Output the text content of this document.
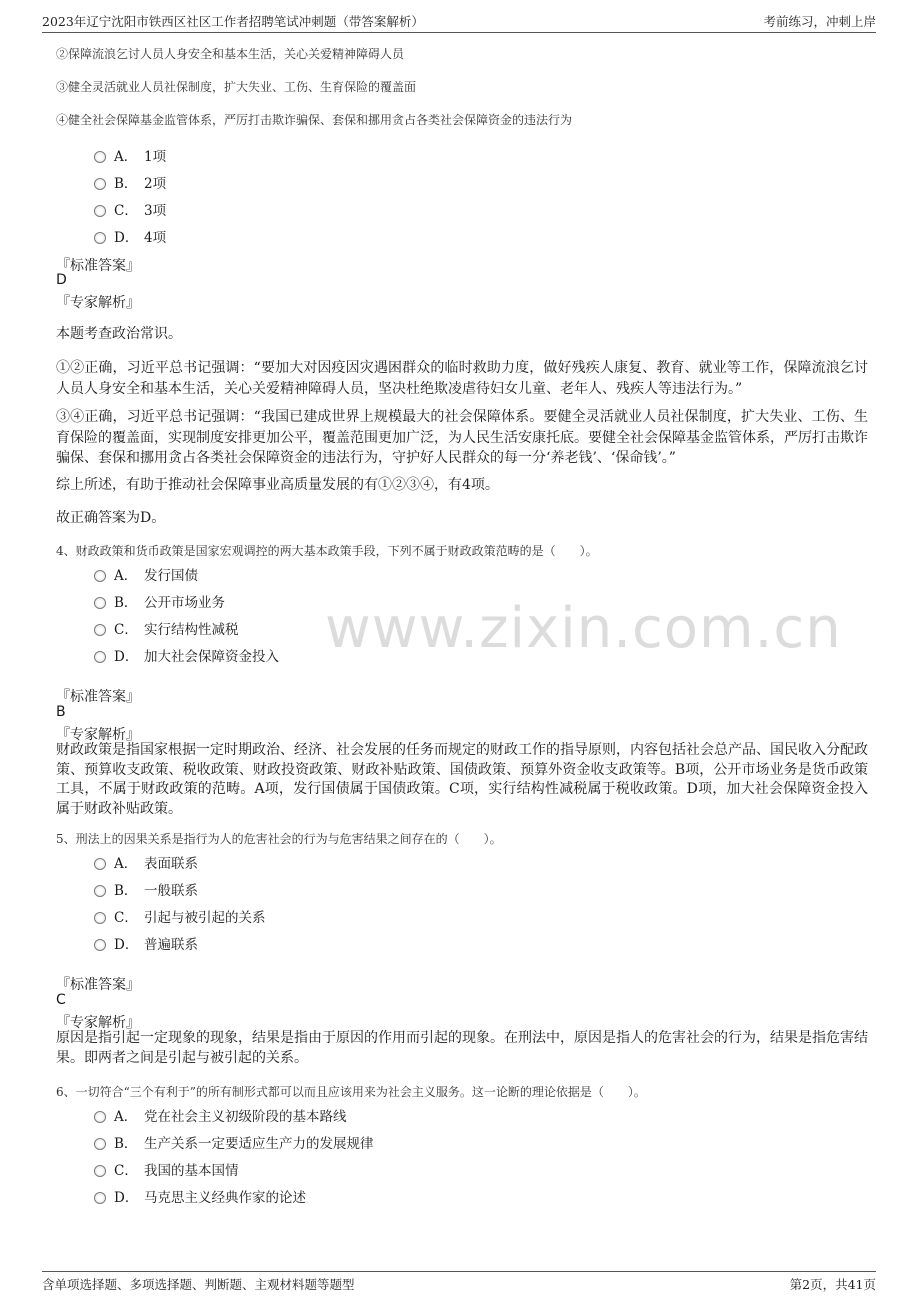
2023年辽宁沈阳市铁西区社区工作者招聘笔试冲刺题（带答案解析）	考前练习，冲刺上岸
www.zixin.com.cn
②保障流浪乞讨人员人身安全和基本生活，关心关爱精神障碍人员
③健全灵活就业人员社保制度，扩大失业、工伤、生育保险的覆盖面
④健全社会保障基金监管体系，严厉打击欺诈骗保、套保和挪用贪占各类社会保障资金的违法行为
A． 1项
B． 2项
C． 3项
D． 4项
『标准答案』
D
『专家解析』
本题考查政治常识。
①②正确，习近平总书记强调：“要加大对因疫因灾遇困群众的临时救助力度，做好残疾人康复、教育、就业等工作，保障流浪乞讨人员人身安全和基本生活，关心关爱精神障碍人员，坚决杜绝欺凌虐待妇女儿童、老年人、残疾人等违法行为。”
③④正确，习近平总书记强调：“我国已建成世界上规模最大的社会保障体系。要健全灵活就业人员社保制度，扩大失业、工伤、生育保险的覆盖面，实现制度安排更加公平，覆盖范围更加广泛，为人民生活安康托底。要健全社会保障基金监管体系，严厉打击欺诈骗保、套保和挪用贪占各类社会保障资金的违法行为，守护好人民群众的每一分‘养老钱’、‘保命钱’。”
综上所述，有助于推动社会保障事业高质量发展的有①②③④，有4项。
故正确答案为D。
4、财政政策和货币政策是国家宏观调控的两大基本政策手段，下列不属于财政政策范畴的是（　　）。
A． 发行国债
B． 公开市场业务
C． 实行结构性减税
D． 加大社会保障资金投入
『标准答案』
B
『专家解析』
财政政策是指国家根据一定时期政治、经济、社会发展的任务而规定的财政工作的指导原则，内容包括社会总产品、国民收入分配政策、预算收支政策、税收政策、财政投资政策、财政补贴政策、国债政策、预算外资金收支政策等。B项，公开市场业务是货币政策工具，不属于财政政策的范畴。A项，发行国债属于国债政策。C项，实行结构性减税属于税收政策。D项，加大社会保障资金投入属于财政补贴政策。
5、刑法上的因果关系是指行为人的危害社会的行为与危害结果之间存在的（　　）。
A． 表面联系
B． 一般联系
C． 引起与被引起的关系
D． 普遍联系
『标准答案』
C
『专家解析』
原因是指引起一定现象的现象，结果是指由于原因的作用而引起的现象。在刑法中，原因是指人的危害社会的行为，结果是指危害结果。即两者之间是引起与被引起的关系。
6、一切符合“三个有利于”的所有制形式都可以而且应该用来为社会主义服务。这一论断的理论依据是（　　）。
A． 党在社会主义初级阶段的基本路线
B． 生产关系一定要适应生产力的发展规律
C． 我国的基本国情
D． 马克思主义经典作家的论述
含单项选择题、多项选择题、判断题、主观材料题等题型	第2页，共41页
